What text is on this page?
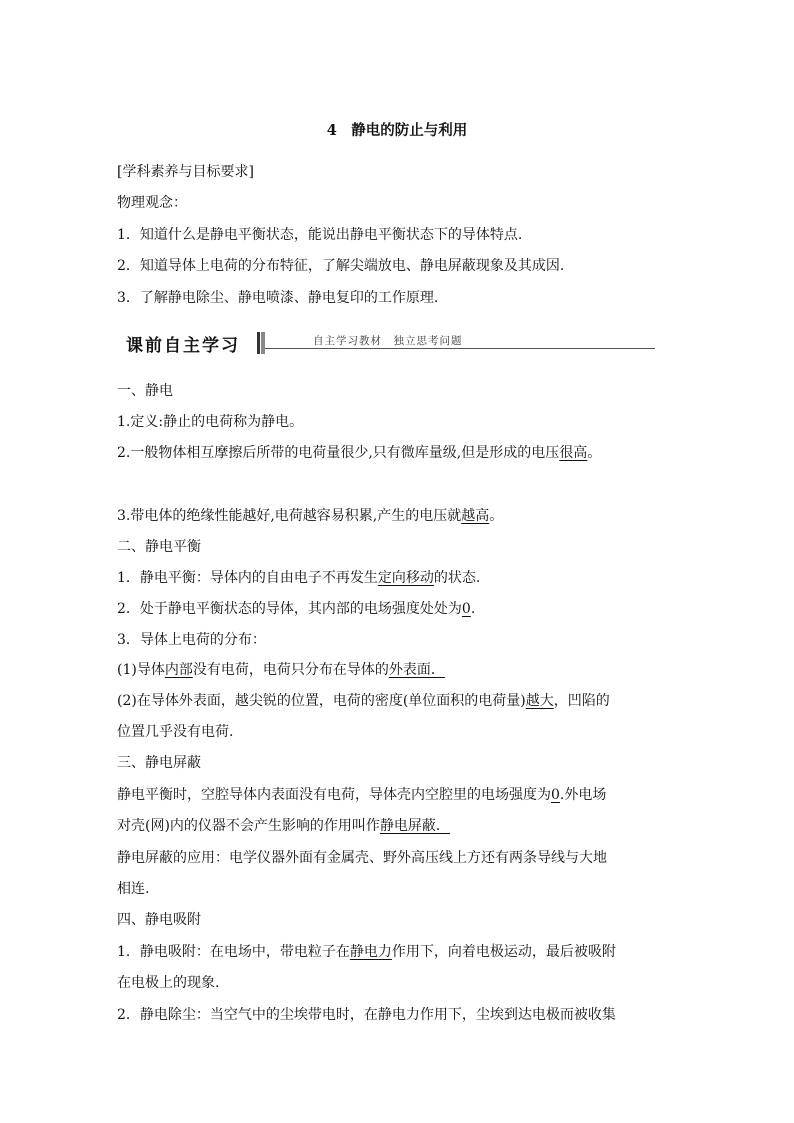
4　静电的防止与利用
[学科素养与目标要求]
物理观念：
1．知道什么是静电平衡状态，能说出静电平衡状态下的导体特点.
2．知道导体上电荷的分布特征，了解尖端放电、静电屏蔽现象及其成因.
3．了解静电除尘、静电喷漆、静电复印的工作原理.
课前自主学习	自主学习教材　独立思考问题
一、静电
1.定义:静止的电荷称为静电。
2.一般物体相互摩擦后所带的电荷量很少,只有微库量级,但是形成的电压很高。
3.带电体的绝缘性能越好,电荷越容易积累,产生的电压就越高。
二、静电平衡
1．静电平衡：导体内的自由电子不再发生定向移动的状态.
2．处于静电平衡状态的导体，其内部的电场强度处处为0.
3．导体上电荷的分布：
(1)导体内部没有电荷，电荷只分布在导体的外表面．
(2)在导体外表面，越尖锐的位置，电荷的密度(单位面积的电荷量)越大，凹陷的
位置几乎没有电荷.
三、静电屏蔽
静电平衡时，空腔导体内表面没有电荷，导体壳内空腔里的电场强度为0.外电场
对壳(网)内的仪器不会产生影响的作用叫作静电屏蔽．
静电屏蔽的应用：电学仪器外面有金属壳、野外高压线上方还有两条导线与大地
相连.
四、静电吸附
1．静电吸附：在电场中，带电粒子在静电力作用下，向着电极运动，最后被吸附
在电极上的现象.
2．静电除尘：当空气中的尘埃带电时，在静电力作用下，尘埃到达电极而被收集
